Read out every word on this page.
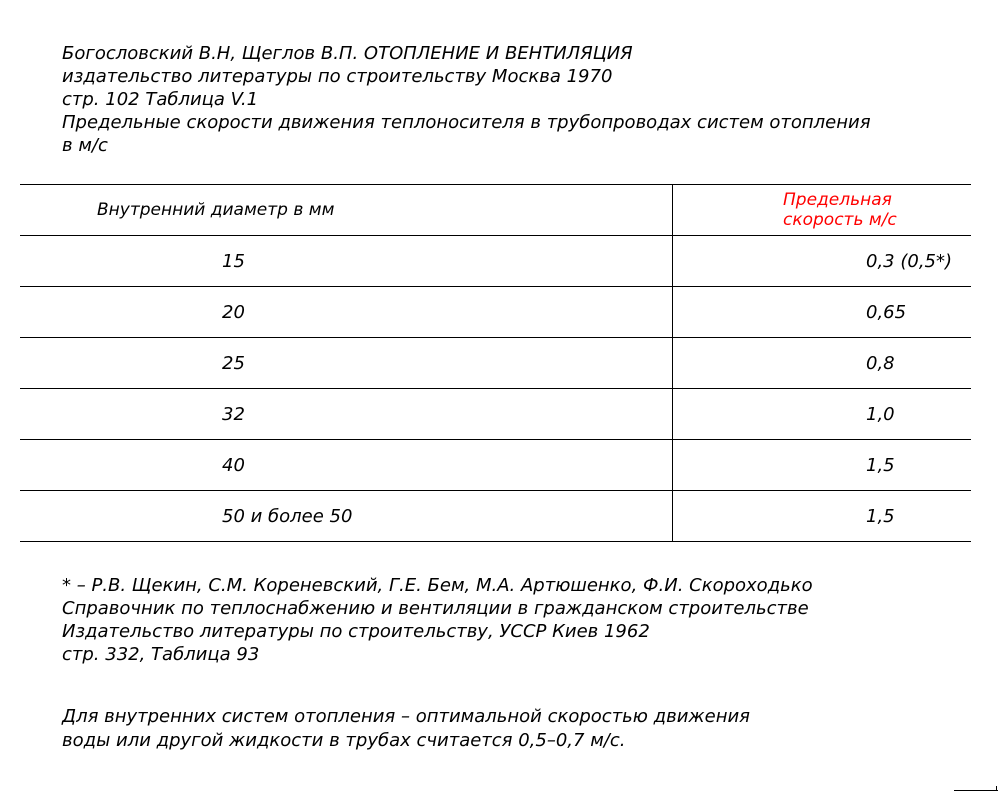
Богословский В.Н, Щеглов В.П. ОТОПЛЕНИЕ И ВЕНТИЛЯЦИЯ
издательство литературы по строительству Москва 1970
стр. 102 Таблица V.1
Предельные скорости движения теплоносителя в трубопроводах систем отопления
в м/с
Внутренний диаметр в мм	Предельная скорость м/с
15	0,3 (0,5*)
20	0,65
25	0,8
32	1,0
40	1,5
50 и более 50	1,5
* – Р.В. Щекин, С.М. Кореневский, Г.Е. Бем, М.А. Артюшенко, Ф.И. Скороходько
Справочник по теплоснабжению и вентиляции в гражданском строительстве
Издательство литературы по строительству, УССР Киев 1962
стр. 332, Таблица 93
Для внутренних систем отопления – оптимальной скоростью движения
воды или другой жидкости в трубах считается 0,5–0,7 м/с.
